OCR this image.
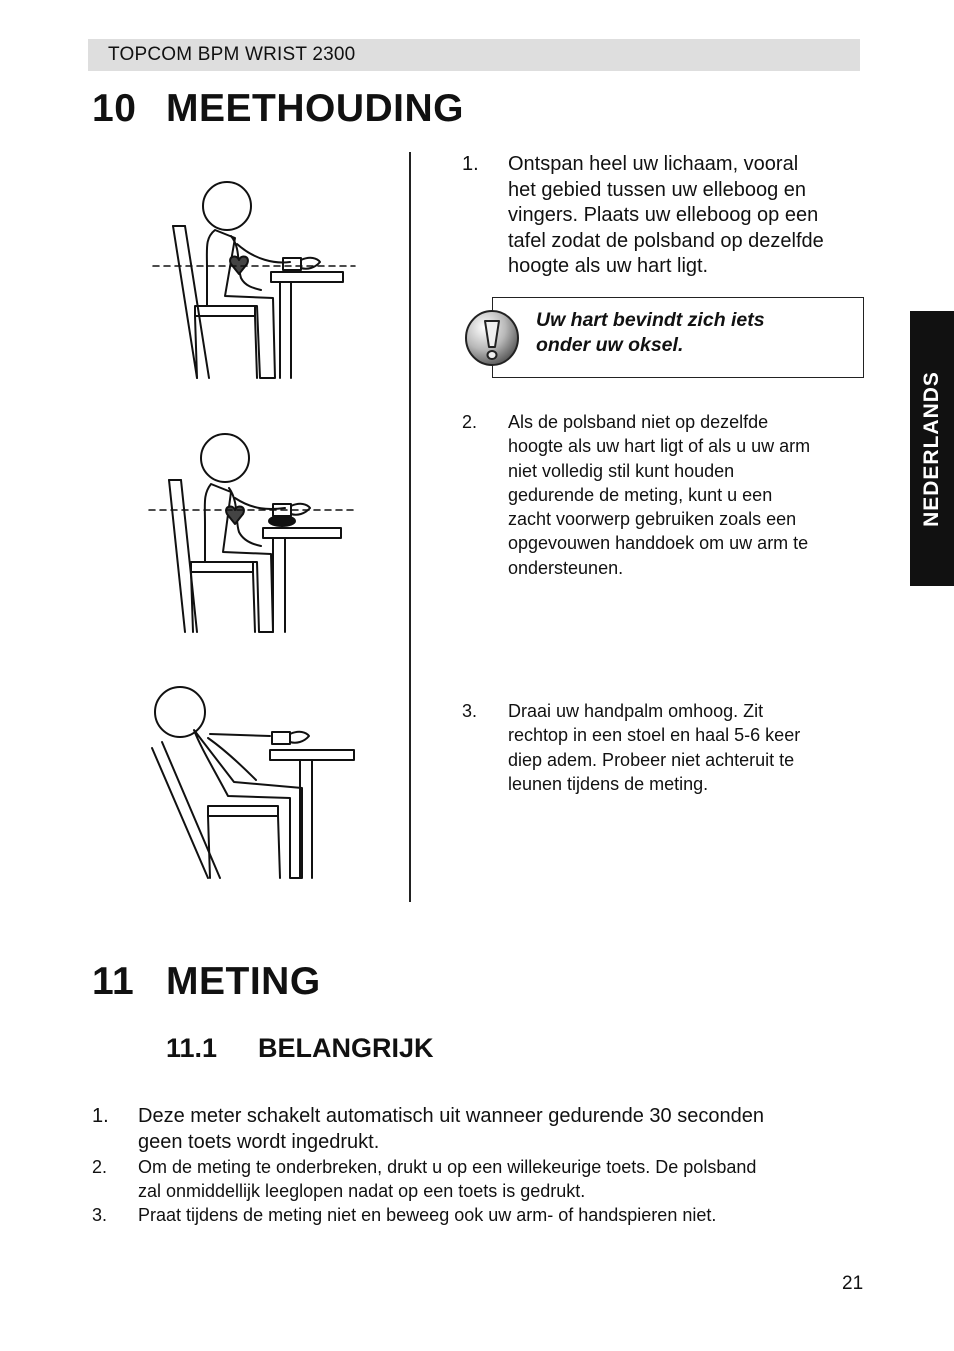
TOPCOM BPM WRIST 2300
10 MEETHOUDING
1. Ontspan heel uw lichaam, vooral
het gebied tussen uw elleboog en
vingers. Plaats uw elleboog op een
tafel zodat de polsband op dezelfde
hoogte als uw hart ligt.
Uw hart bevindt zich iets
onder uw oksel.
2. Als de polsband niet op dezelfde
hoogte als uw hart ligt of als u uw arm
niet volledig stil kunt houden
gedurende de meting, kunt u een
zacht voorwerp gebruiken zoals een
opgevouwen handdoek om uw arm te
ondersteunen.
3. Draai uw handpalm omhoog. Zit
rechtop in een stoel en haal 5-6 keer
diep adem. Probeer niet achteruit te
leunen tijdens de meting.
NEDERLANDS
11 METING
11.1 BELANGRIJK
1. Deze meter schakelt automatisch uit wanneer gedurende 30 seconden
geen toets wordt ingedrukt.
2. Om de meting te onderbreken, drukt u op een willekeurige toets. De polsband
zal onmiddellijk leeglopen nadat op een toets is gedrukt.
3. Praat tijdens de meting niet en beweeg ook uw arm- of handspieren niet.
21
